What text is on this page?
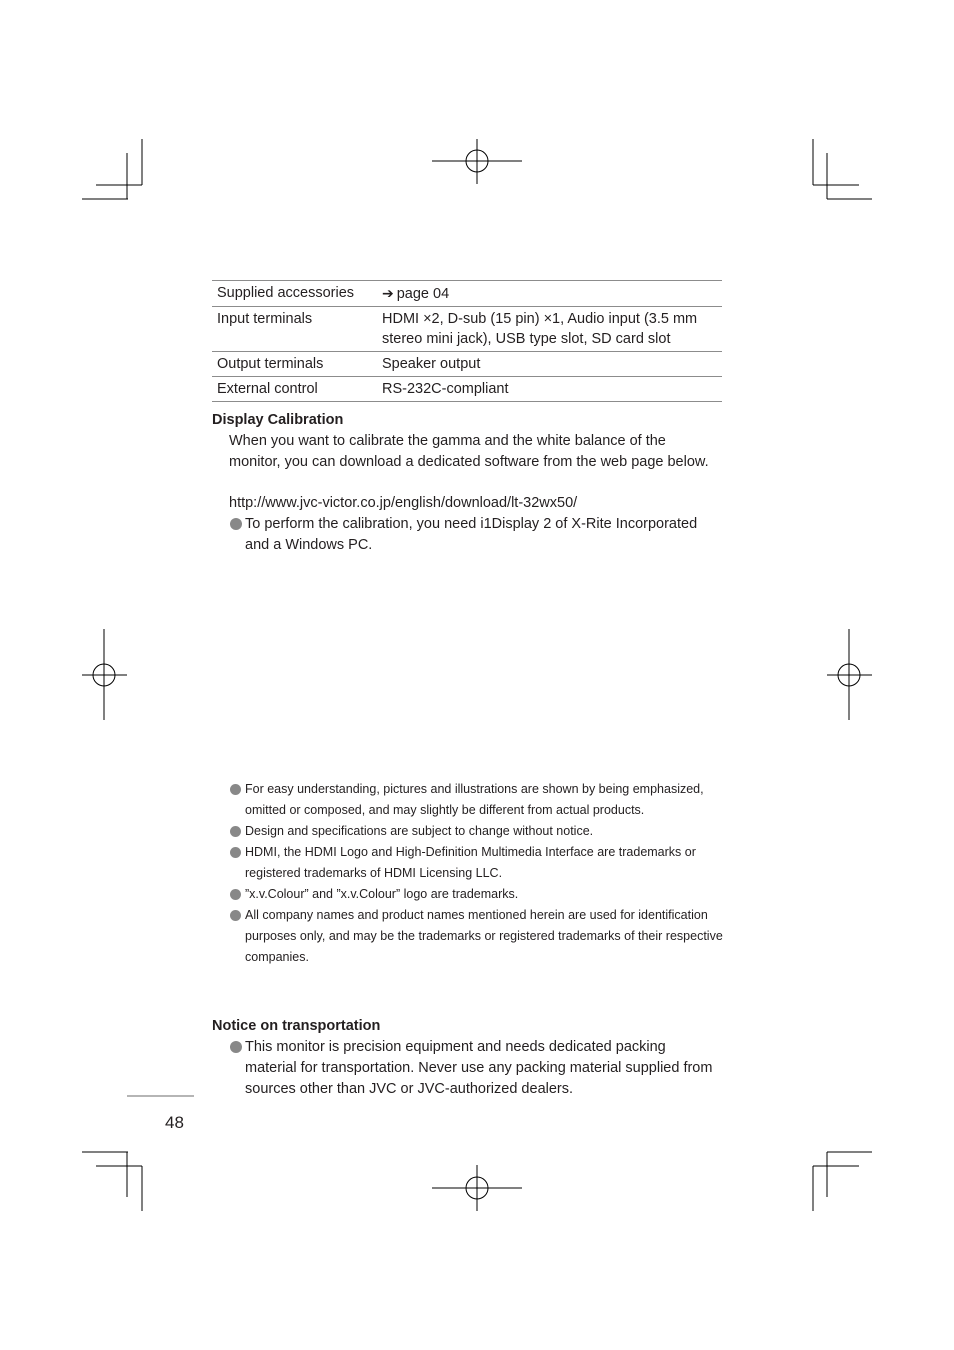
Supplied accessories	➔ page 04
Input terminals	HDMI ×2, D-sub (15 pin) ×1, Audio input (3.5 mm stereo mini jack), USB type slot, SD card slot
Output terminals	Speaker output
External control	RS-232C-compliant
Display Calibration
When you want to calibrate the gamma and the white balance of the monitor, you can download a dedicated software from the web page below.
http://www.jvc-victor.co.jp/english/download/lt-32wx50/
To perform the calibration, you need i1Display 2 of X-Rite Incorporated and a Windows PC.
For easy understanding, pictures and illustrations are shown by being emphasized, omitted or composed, and may slightly be different from actual products.
Design and specifications are subject to change without notice.
HDMI, the HDMI Logo and High-Definition Multimedia Interface are trademarks or registered trademarks of HDMI Licensing LLC.
”x.v.Colour” and ”x.v.Colour” logo are trademarks.
All company names and product names mentioned herein are used for identification purposes only, and may be the trademarks or registered trademarks of their respective companies.
Notice on transportation
This monitor is precision equipment and needs dedicated packing material for transportation. Never use any packing material supplied from sources other than JVC or JVC-authorized dealers.
48
